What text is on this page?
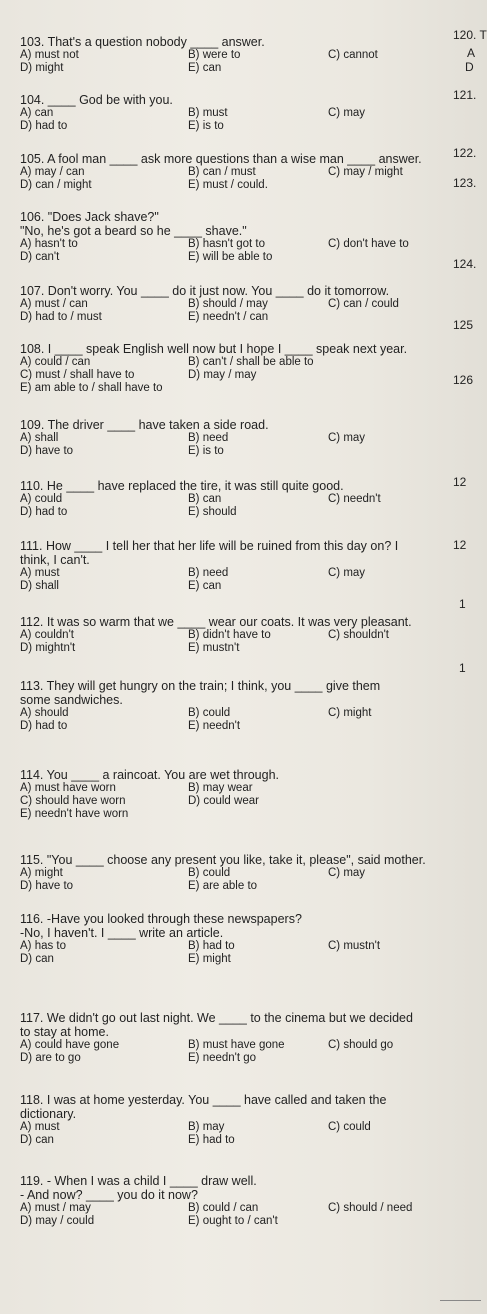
120. T
A
D
121.
122.
123.
124.
125
126
12
12
1
1
103. That's a question nobody ____ answer.
A) must not	B) were to	C) cannot
D) might	E) can
104. ____ God be with you.
A) can	B) must	C) may
D) had to	E) is to
105. A fool man ____ ask more questions than a wise man ____ answer.
A) may / can	B) can / must	C) may / might
D) can / might	E) must / could.
106. "Does Jack shave?"
"No, he's got a beard so he ____ shave."
A) hasn't to	B) hasn't got to	C) don't have to
D) can't	E) will be able to
107. Don't worry. You ____ do it just now. You ____ do it tomorrow.
A) must / can	B) should / may	C) can / could
D) had to / must	E) needn't / can
108. I ____ speak English well now but I hope I ____ speak next year.
A) could / can	B) can't / shall be able to
C) must / shall have to	D) may / may
E) am able to / shall have to
109. The driver ____ have taken a side road.
A) shall	B) need	C) may
D) have to	E) is to
110. He ____ have replaced the tire, it was still quite good.
A) could	B) can	C) needn't
D) had to	E) should
111. How ____ I tell her that her life will be ruined from this day on? I
think, I can't.
A) must	B) need	C) may
D) shall	E) can
112. It was so warm that we ____ wear our coats. It was very pleasant.
A) couldn't	B) didn't have to	C) shouldn't
D) mightn't	E) mustn't
113. They will get hungry on the train; I think, you ____ give them
some sandwiches.
A) should	B) could	C) might
D) had to	E) needn't
114. You ____ a raincoat. You are wet through.
A) must have worn	B) may wear
C) should have worn	D) could wear
E) needn't have worn
115. "You ____ choose any present you like, take it, please", said mother.
A) might	B) could	C) may
D) have to	E) are able to
116. -Have you looked through these newspapers?
-No, I haven't. I ____ write an article.
A) has to	B) had to	C) mustn't
D) can	E) might
117. We didn't go out last night. We ____ to the cinema but we decided
to stay at home.
A) could have gone	B) must have gone	C) should go
D) are to go	E) needn't go
118. I was at home yesterday. You ____ have called and taken the
dictionary.
A) must	B) may	C) could
D) can	E) had to
119. - When I was a child I ____ draw well.
- And now? ____ you do it now?
A) must / may	B) could / can	C) should / need
D) may / could	E) ought to / can't
